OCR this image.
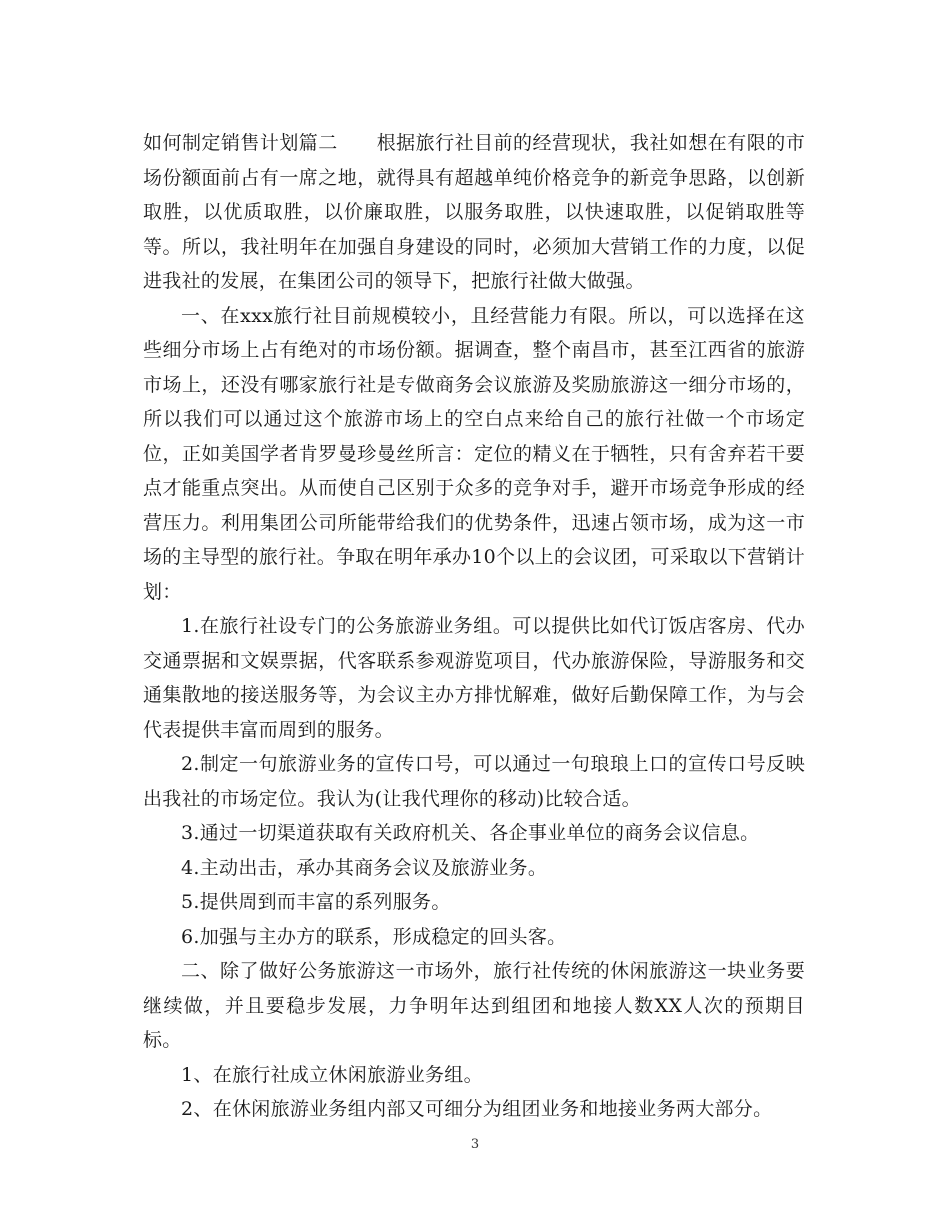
如何制定销售计划篇二　　根据旅行社目前的经营现状，我社如想在有限的市场份额面前占有一席之地，就得具有超越单纯价格竞争的新竞争思路，以创新取胜，以优质取胜，以价廉取胜，以服务取胜，以快速取胜，以促销取胜等等。所以，我社明年在加强自身建设的同时，必须加大营销工作的力度，以促进我社的发展，在集团公司的领导下，把旅行社做大做强。

一、在xxx旅行社目前规模较小，且经营能力有限。所以，可以选择在这些细分市场上占有绝对的市场份额。据调查，整个南昌市，甚至江西省的旅游市场上，还没有哪家旅行社是专做商务会议旅游及奖励旅游这一细分市场的，所以我们可以通过这个旅游市场上的空白点来给自己的旅行社做一个市场定位，正如美国学者肯罗曼珍曼丝所言：定位的精义在于牺牲，只有舍弃若干要点才能重点突出。从而使自己区别于众多的竞争对手，避开市场竞争形成的经营压力。利用集团公司所能带给我们的优势条件，迅速占领市场，成为这一市场的主导型的旅行社。争取在明年承办10个以上的会议团，可采取以下营销计划：

1.在旅行社设专门的公务旅游业务组。可以提供比如代订饭店客房、代办交通票据和文娱票据，代客联系参观游览项目，代办旅游保险，导游服务和交通集散地的接送服务等，为会议主办方排忧解难，做好后勤保障工作，为与会代表提供丰富而周到的服务。

2.制定一句旅游业务的宣传口号，可以通过一句琅琅上口的宣传口号反映出我社的市场定位。我认为(让我代理你的移动)比较合适。

3.通过一切渠道获取有关政府机关、各企事业单位的商务会议信息。

4.主动出击，承办其商务会议及旅游业务。

5.提供周到而丰富的系列服务。

6.加强与主办方的联系，形成稳定的回头客。

二、除了做好公务旅游这一市场外，旅行社传统的休闲旅游这一块业务要继续做，并且要稳步发展，力争明年达到组团和地接人数XX人次的预期目标。

1、在旅行社成立休闲旅游业务组。

2、在休闲旅游业务组内部又可细分为组团业务和地接业务两大部分。

3
